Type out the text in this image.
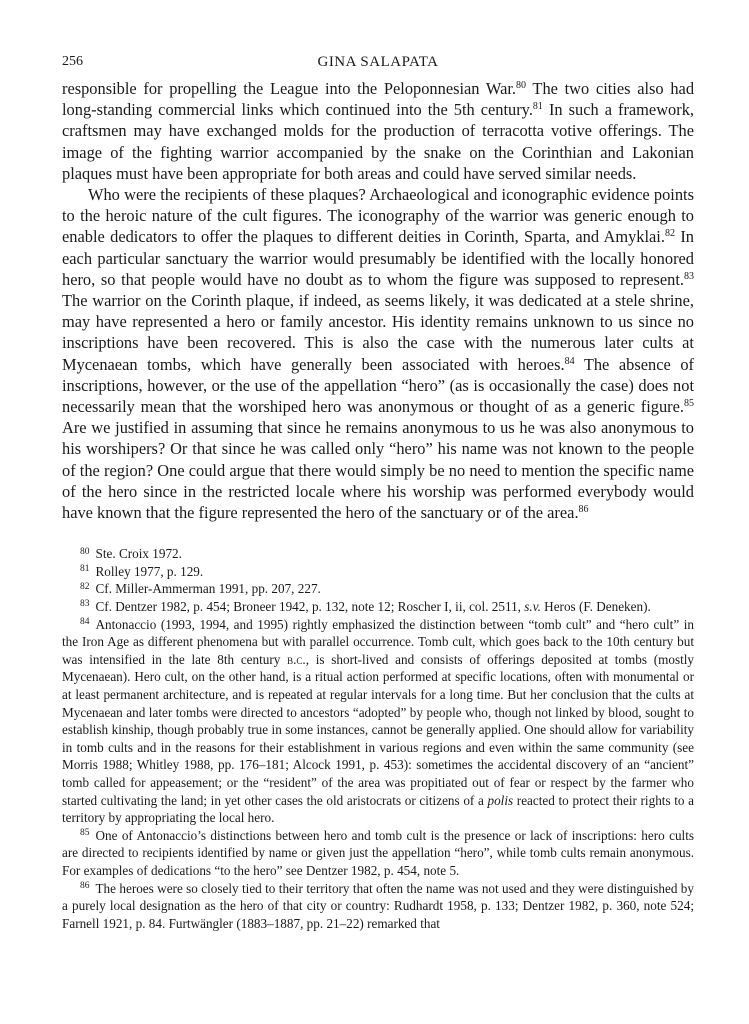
256	GINA SALAPATA

responsible for propelling the League into the Peloponnesian War.$^{80}$ The two cities also had long-standing commercial links which continued into the 5th century.$^{81}$ In such a framework, craftsmen may have exchanged molds for the production of terracotta votive offerings. The image of the fighting warrior accompanied by the snake on the Corinthian and Lakonian plaques must have been appropriate for both areas and could have served similar needs.

Who were the recipients of these plaques? Archaeological and iconographic evidence points to the heroic nature of the cult figures. The iconography of the warrior was generic enough to enable dedicators to offer the plaques to different deities in Corinth, Sparta, and Amyklai.$^{82}$ In each particular sanctuary the warrior would presumably be identified with the locally honored hero, so that people would have no doubt as to whom the figure was supposed to represent.$^{83}$ The warrior on the Corinth plaque, if indeed, as seems likely, it was dedicated at a stele shrine, may have represented a hero or family ancestor. His identity remains unknown to us since no inscriptions have been recovered. This is also the case with the numerous later cults at Mycenaean tombs, which have generally been associated with heroes.$^{84}$ The absence of inscriptions, however, or the use of the appellation “hero” (as is occasionally the case) does not necessarily mean that the worshiped hero was anonymous or thought of as a generic figure.$^{85}$ Are we justified in assuming that since he remains anonymous to us he was also anonymous to his worshipers? Or that since he was called only “hero” his name was not known to the people of the region? One could argue that there would simply be no need to mention the specific name of the hero since in the restricted locale where his worship was performed everybody would have known that the figure represented the hero of the sanctuary or of the area.$^{86}$

$^{80}$ Ste. Croix 1972.

$^{81}$ Rolley 1977, p. 129.

$^{82}$ Cf. Miller-Ammerman 1991, pp. 207, 227.

$^{83}$ Cf. Dentzer 1982, p. 454; Broneer 1942, p. 132, note 12; Roscher I, ii, col. 2511, s.v. Heros (F. Deneken).

$^{84}$ Antonaccio (1993, 1994, and 1995) rightly emphasized the distinction between “tomb cult” and “hero cult” in the Iron Age as different phenomena but with parallel occurrence. Tomb cult, which goes back to the 10th century but was intensified in the late 8th century b.c., is short-lived and consists of offerings deposited at tombs (mostly Mycenaean). Hero cult, on the other hand, is a ritual action performed at specific locations, often with monumental or at least permanent architecture, and is repeated at regular intervals for a long time. But her conclusion that the cults at Mycenaean and later tombs were directed to ancestors “adopted” by people who, though not linked by blood, sought to establish kinship, though probably true in some instances, cannot be generally applied. One should allow for variability in tomb cults and in the reasons for their establishment in various regions and even within the same community (see Morris 1988; Whitley 1988, pp. 176–181; Alcock 1991, p. 453): sometimes the accidental discovery of an “ancient” tomb called for appeasement; or the “resident” of the area was propitiated out of fear or respect by the farmer who started cultivating the land; in yet other cases the old aristocrats or citizens of a polis reacted to protect their rights to a territory by appropriating the local hero.

$^{85}$ One of Antonaccio’s distinctions between hero and tomb cult is the presence or lack of inscriptions: hero cults are directed to recipients identified by name or given just the appellation “hero”, while tomb cults remain anonymous. For examples of dedications “to the hero” see Dentzer 1982, p. 454, note 5.

$^{86}$ The heroes were so closely tied to their territory that often the name was not used and they were distinguished by a purely local designation as the hero of that city or country: Rudhardt 1958, p. 133; Dentzer 1982, p. 360, note 524; Farnell 1921, p. 84. Furtwängler (1883–1887, pp. 21–22) remarked that
